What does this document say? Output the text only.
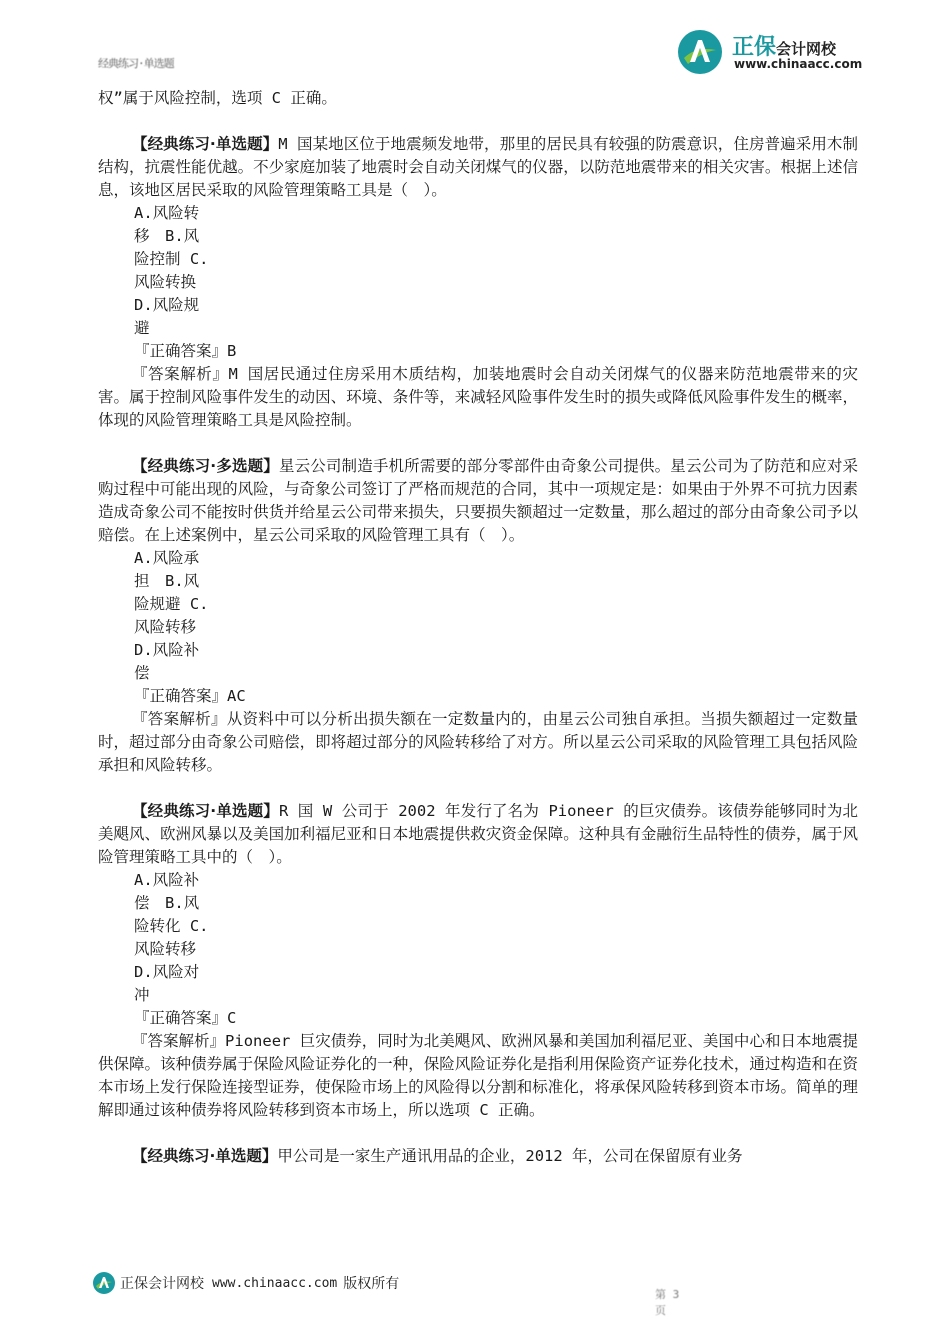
经典练习·单选题
正保会计网校
www.chinaacc.com

权”属于风险控制，选项 C 正确。

【经典练习·单选题】M 国某地区位于地震频发地带，那里的居民具有较强的防震意识，住房普遍采用木制结构，抗震性能优越。不少家庭加装了地震时会自动关闭煤气的仪器，以防范地震带来的相关灾害。根据上述信息，该地区居民采取的风险管理策略工具是（　）。

A.风险转

移　B.风

险控制 C.

风险转换

D.风险规

避

『正确答案』B

『答案解析』M 国居民通过住房采用木质结构，加装地震时会自动关闭煤气的仪器来防范地震带来的灾害。属于控制风险事件发生的动因、环境、条件等，来减轻风险事件发生时的损失或降低风险事件发生的概率，体现的风险管理策略工具是风险控制。

【经典练习·多选题】星云公司制造手机所需要的部分零部件由奇象公司提供。星云公司为了防范和应对采购过程中可能出现的风险，与奇象公司签订了严格而规范的合同，其中一项规定是：如果由于外界不可抗力因素造成奇象公司不能按时供货并给星云公司带来损失，只要损失额超过一定数量，那么超过的部分由奇象公司予以赔偿。在上述案例中，星云公司采取的风险管理工具有（　）。

A.风险承

担　B.风

险规避 C.

风险转移

D.风险补

偿

『正确答案』AC

『答案解析』从资料中可以分析出损失额在一定数量内的，由星云公司独自承担。当损失额超过一定数量时，超过部分由奇象公司赔偿，即将超过部分的风险转移给了对方。所以星云公司采取的风险管理工具包括风险承担和风险转移。

【经典练习·单选题】R 国 W 公司于 2002 年发行了名为 Pioneer 的巨灾债券。该债券能够同时为北美飓风、欧洲风暴以及美国加利福尼亚和日本地震提供救灾资金保障。这种具有金融衍生品特性的债券，属于风险管理策略工具中的（　）。

A.风险补

偿　B.风

险转化 C.

风险转移

D.风险对

冲

『正确答案』C

『答案解析』Pioneer 巨灾债券，同时为北美飓风、欧洲风暴和美国加利福尼亚、美国中心和日本地震提供保障。该种债券属于保险风险证券化的一种，保险风险证券化是指利用保险资产证券化技术，通过构造和在资本市场上发行保险连接型证券，使保险市场上的风险得以分割和标准化，将承保风险转移到资本市场。简单的理解即通过该种债券将风险转移到资本市场上，所以选项 C 正确。

【经典练习·单选题】甲公司是一家生产通讯用品的企业，2012 年，公司在保留原有业务

正保会计网校 www.chinaacc.com 版权所有
第 3 页
